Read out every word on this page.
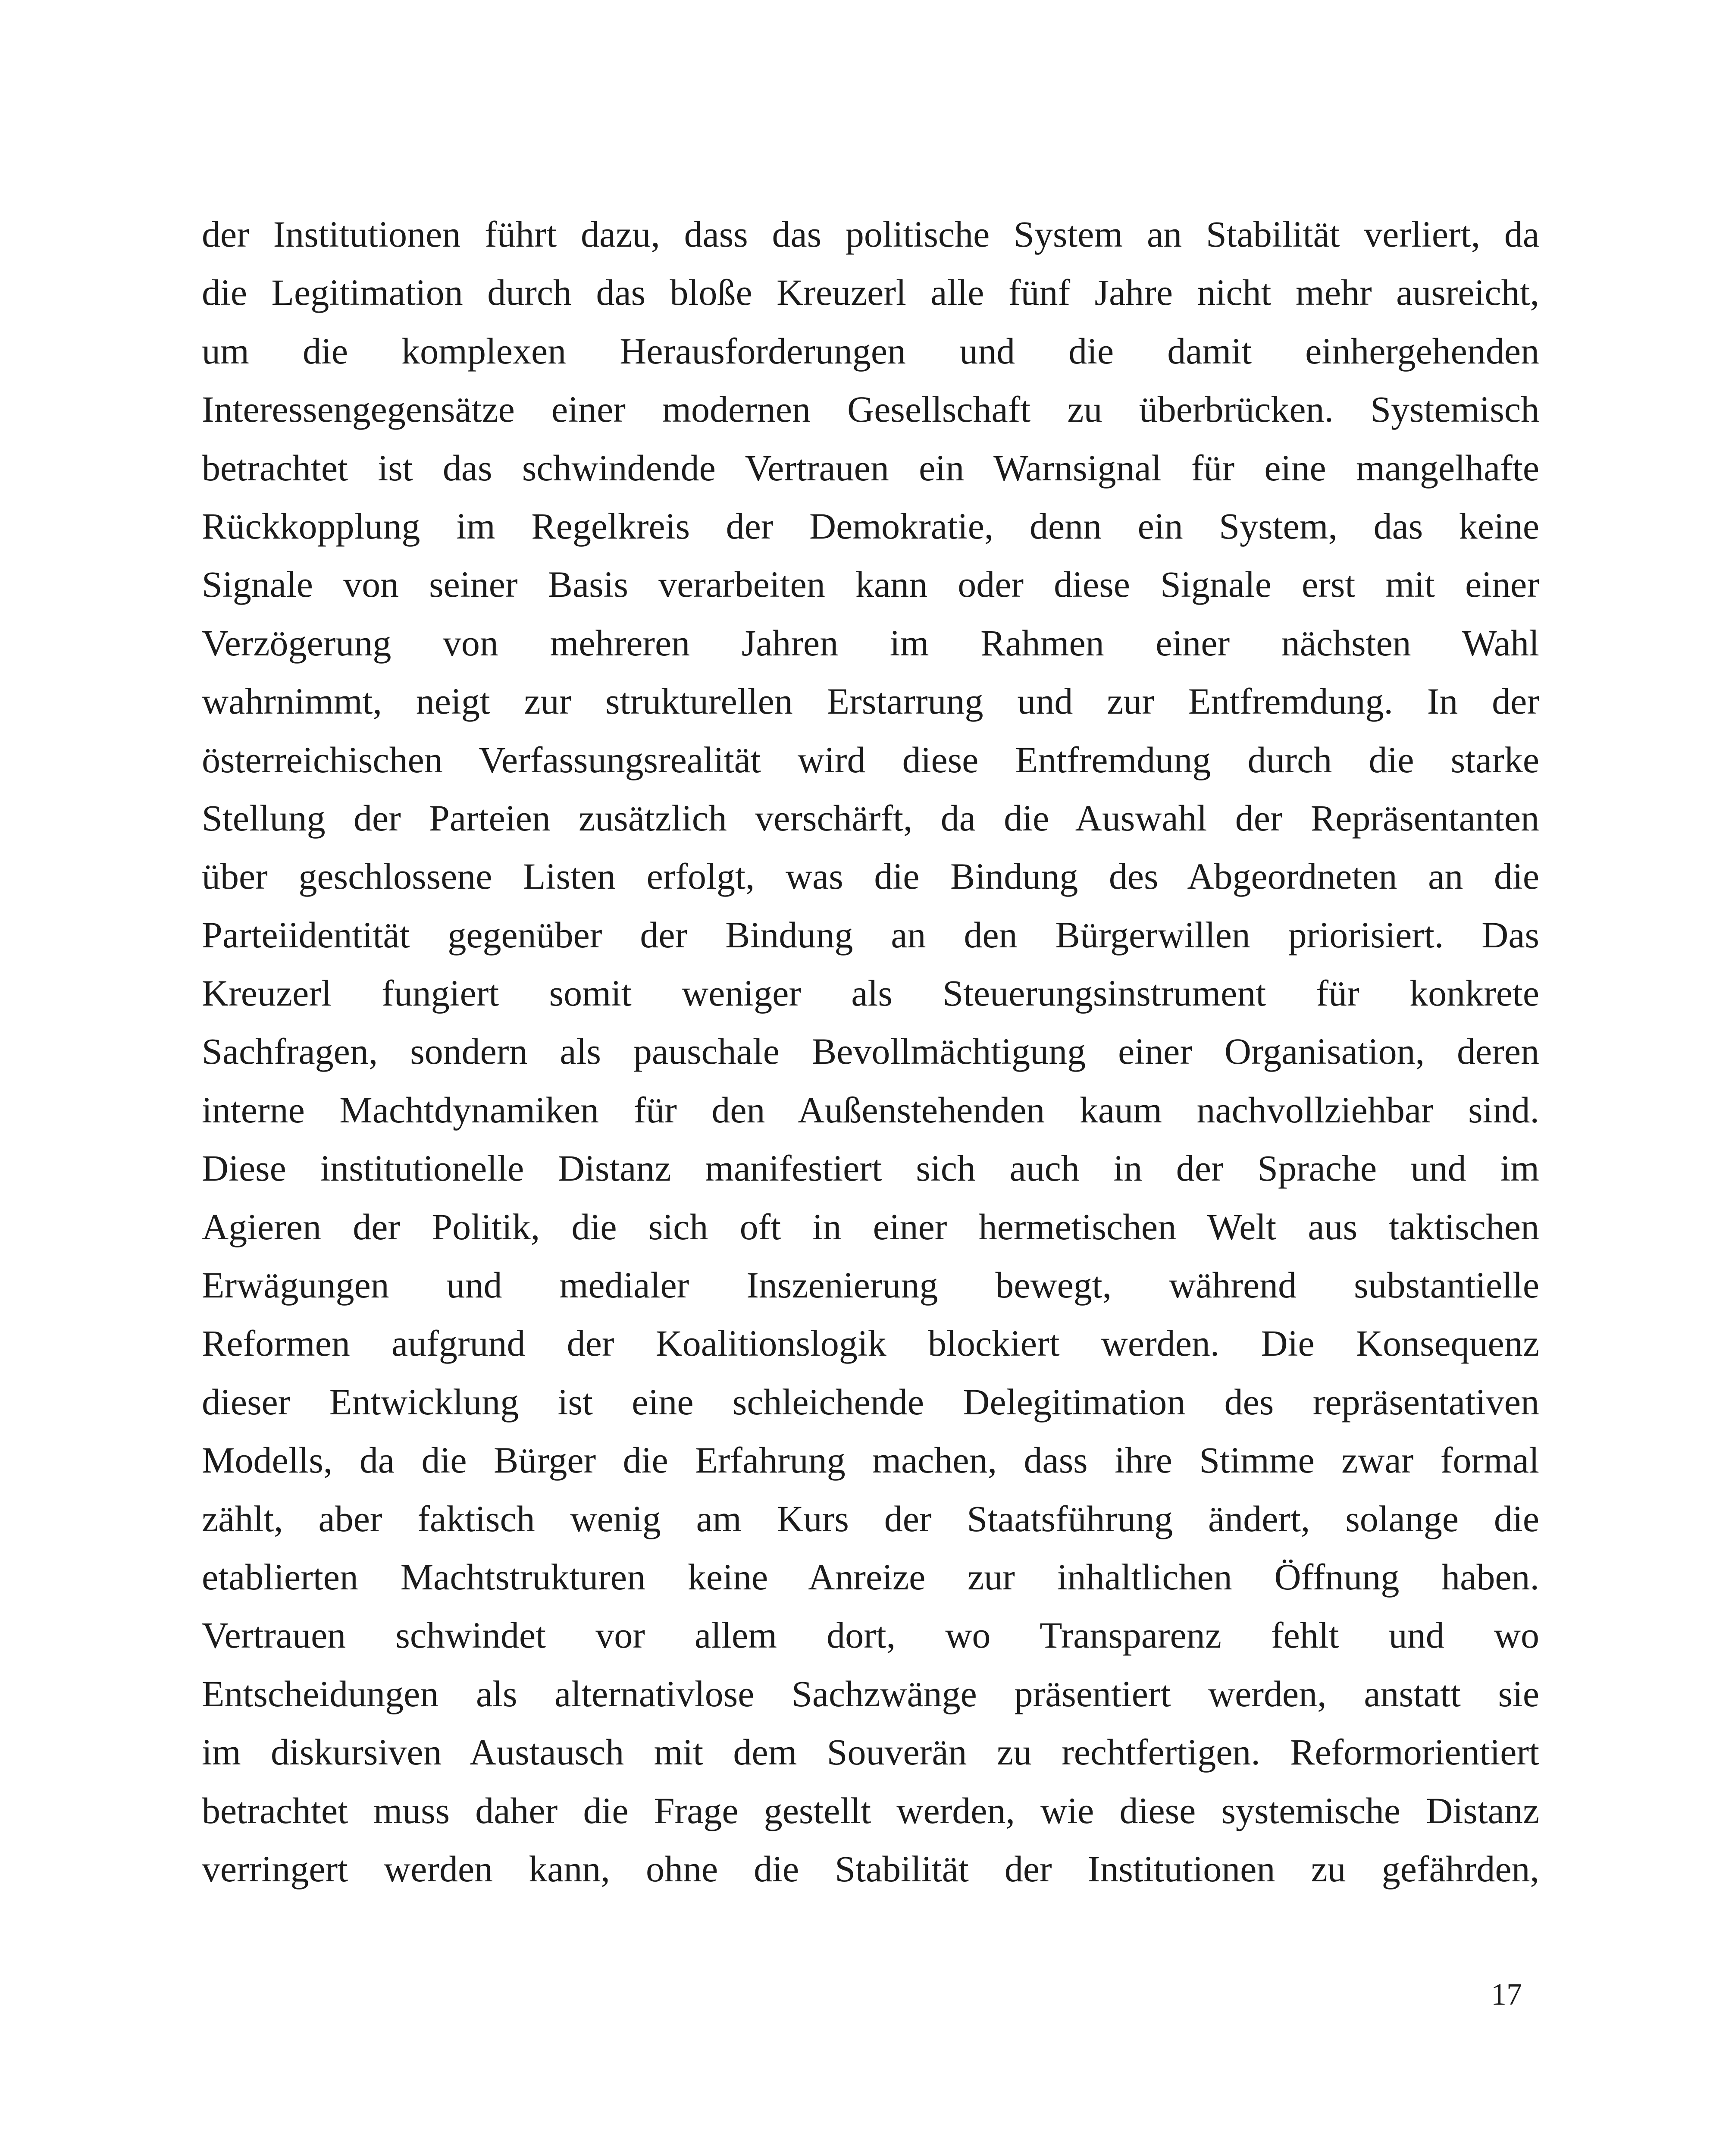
der Institutionen führt dazu, dass das politische System an Stabilität verliert, da
die Legitimation durch das bloße Kreuzerl alle fünf Jahre nicht mehr ausreicht,
um die komplexen Herausforderungen und die damit einhergehenden
Interessengegensätze einer modernen Gesellschaft zu überbrücken. Systemisch
betrachtet ist das schwindende Vertrauen ein Warnsignal für eine mangelhafte
Rückkopplung im Regelkreis der Demokratie, denn ein System, das keine
Signale von seiner Basis verarbeiten kann oder diese Signale erst mit einer
Verzögerung von mehreren Jahren im Rahmen einer nächsten Wahl
wahrnimmt, neigt zur strukturellen Erstarrung und zur Entfremdung. In der
österreichischen Verfassungsrealität wird diese Entfremdung durch die starke
Stellung der Parteien zusätzlich verschärft, da die Auswahl der Repräsentanten
über geschlossene Listen erfolgt, was die Bindung des Abgeordneten an die
Parteiidentität gegenüber der Bindung an den Bürgerwillen priorisiert. Das
Kreuzerl fungiert somit weniger als Steuerungsinstrument für konkrete
Sachfragen, sondern als pauschale Bevollmächtigung einer Organisation, deren
interne Machtdynamiken für den Außenstehenden kaum nachvollziehbar sind.
Diese institutionelle Distanz manifestiert sich auch in der Sprache und im
Agieren der Politik, die sich oft in einer hermetischen Welt aus taktischen
Erwägungen und medialer Inszenierung bewegt, während substantielle
Reformen aufgrund der Koalitionslogik blockiert werden. Die Konsequenz
dieser Entwicklung ist eine schleichende Delegitimation des repräsentativen
Modells, da die Bürger die Erfahrung machen, dass ihre Stimme zwar formal
zählt, aber faktisch wenig am Kurs der Staatsführung ändert, solange die
etablierten Machtstrukturen keine Anreize zur inhaltlichen Öffnung haben.
Vertrauen schwindet vor allem dort, wo Transparenz fehlt und wo
Entscheidungen als alternativlose Sachzwänge präsentiert werden, anstatt sie
im diskursiven Austausch mit dem Souverän zu rechtfertigen. Reformorientiert
betrachtet muss daher die Frage gestellt werden, wie diese systemische Distanz
verringert werden kann, ohne die Stabilität der Institutionen zu gefährden,
17
